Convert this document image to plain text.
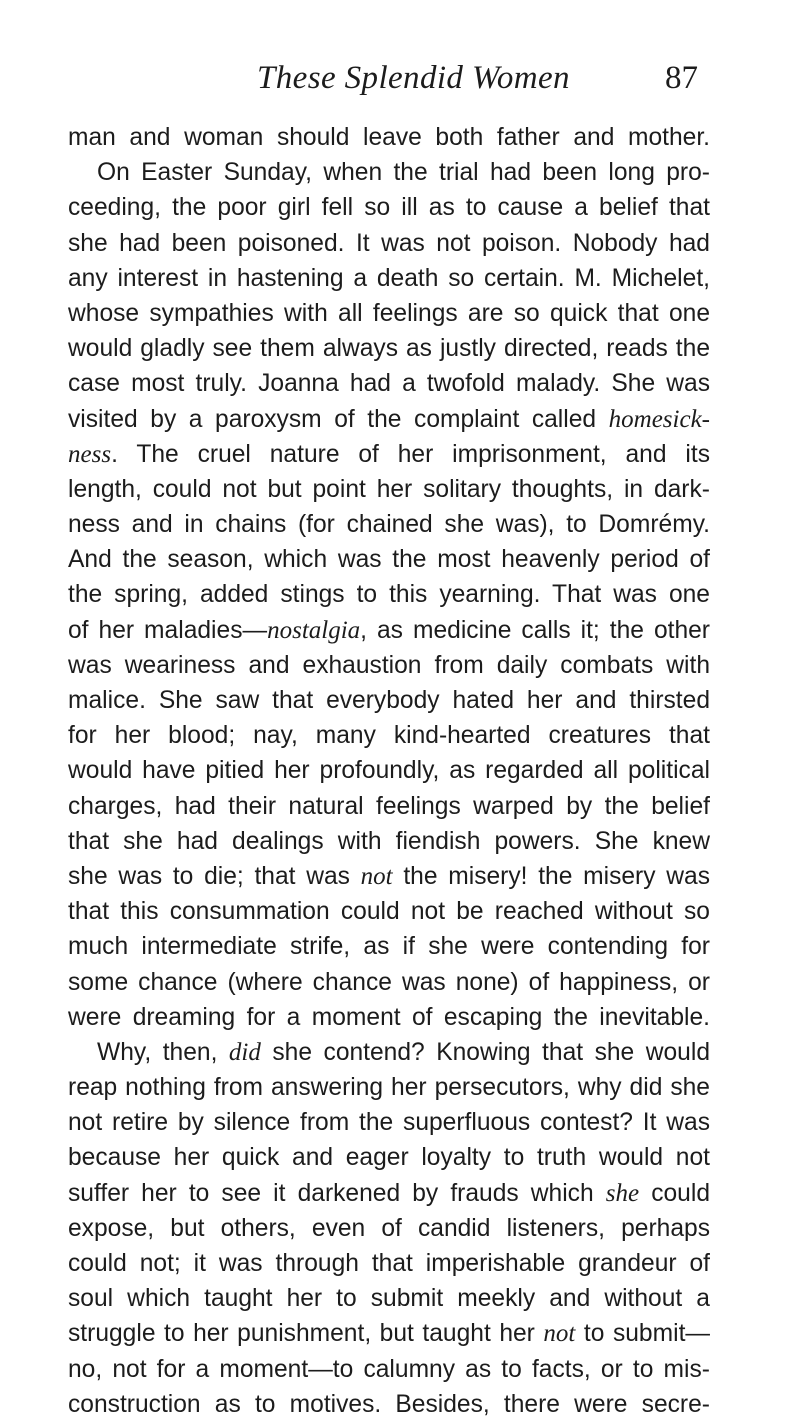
These Splendid Women	87
man and woman should leave both father and mother.
On Easter Sunday, when the trial had been long pro-
ceeding, the poor girl fell so ill as to cause a belief that
she had been poisoned. It was not poison. Nobody had
any interest in hastening a death so certain. M. Michelet,
whose sympathies with all feelings are so quick that one
would gladly see them always as justly directed, reads the
case most truly. Joanna had a twofold malady. She was
visited by a paroxysm of the complaint called homesick-
ness. The cruel nature of her imprisonment, and its
length, could not but point her solitary thoughts, in dark-
ness and in chains (for chained she was), to Domrémy.
And the season, which was the most heavenly period of
the spring, added stings to this yearning. That was one
of her maladies—nostalgia, as medicine calls it; the other
was weariness and exhaustion from daily combats with
malice. She saw that everybody hated her and thirsted
for her blood; nay, many kind-hearted creatures that
would have pitied her profoundly, as regarded all political
charges, had their natural feelings warped by the belief
that she had dealings with fiendish powers. She knew
she was to die; that was not the misery! the misery was
that this consummation could not be reached without so
much intermediate strife, as if she were contending for
some chance (where chance was none) of happiness, or
were dreaming for a moment of escaping the inevitable.
Why, then, did she contend? Knowing that she would
reap nothing from answering her persecutors, why did she
not retire by silence from the superfluous contest? It was
because her quick and eager loyalty to truth would not
suffer her to see it darkened by frauds which she could
expose, but others, even of candid listeners, perhaps
could not; it was through that imperishable grandeur of
soul which taught her to submit meekly and without a
struggle to her punishment, but taught her not to submit—
no, not for a moment—to calumny as to facts, or to mis-
construction as to motives. Besides, there were secre-
